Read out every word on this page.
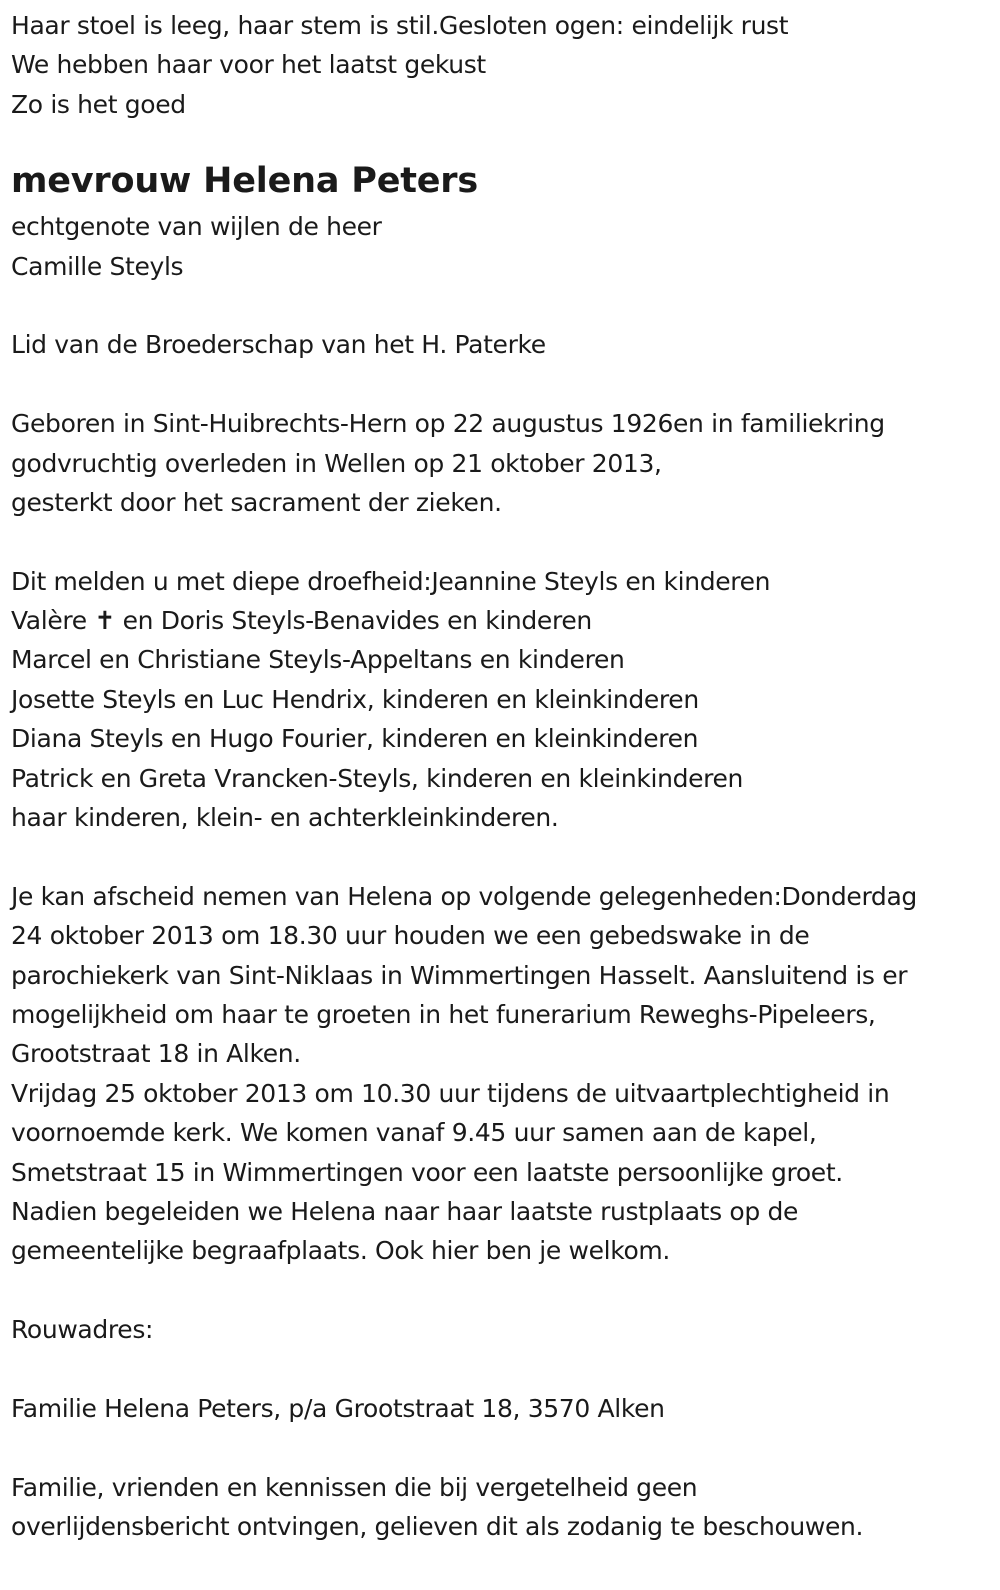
Haar stoel is leeg, haar stem is stil.Gesloten ogen: eindelijk rust
We hebben haar voor het laatst gekust
Zo is het goed
mevrouw Helena Peters
echtgenote van wijlen de heer
Camille Steyls
Lid van de Broederschap van het H. Paterke
Geboren in Sint-Huibrechts-Hern op 22 augustus 1926en in familiekring
godvruchtig overleden in Wellen op 21 oktober 2013,
gesterkt door het sacrament der zieken.
Dit melden u met diepe droefheid:Jeannine Steyls en kinderen
Valère ✝ en Doris Steyls-Benavides en kinderen
Marcel en Christiane Steyls-Appeltans en kinderen
Josette Steyls en Luc Hendrix, kinderen en kleinkinderen
Diana Steyls en Hugo Fourier, kinderen en kleinkinderen
Patrick en Greta Vrancken-Steyls, kinderen en kleinkinderen
haar kinderen, klein- en achterkleinkinderen.
Je kan afscheid nemen van Helena op volgende gelegenheden:Donderdag
24 oktober 2013 om 18.30 uur houden we een gebedswake in de
parochiekerk van Sint-Niklaas in Wimmertingen Hasselt. Aansluitend is er
mogelijkheid om haar te groeten in het funerarium Reweghs-Pipeleers,
Grootstraat 18 in Alken.
Vrijdag 25 oktober 2013 om 10.30 uur tijdens de uitvaartplechtigheid in
voornoemde kerk. We komen vanaf 9.45 uur samen aan de kapel,
Smetstraat 15 in Wimmertingen voor een laatste persoonlijke groet.
Nadien begeleiden we Helena naar haar laatste rustplaats op de
gemeentelijke begraafplaats. Ook hier ben je welkom.
Rouwadres:
Familie Helena Peters, p/a Grootstraat 18, 3570 Alken
Familie, vrienden en kennissen die bij vergetelheid geen
overlijdensbericht ontvingen, gelieven dit als zodanig te beschouwen.
